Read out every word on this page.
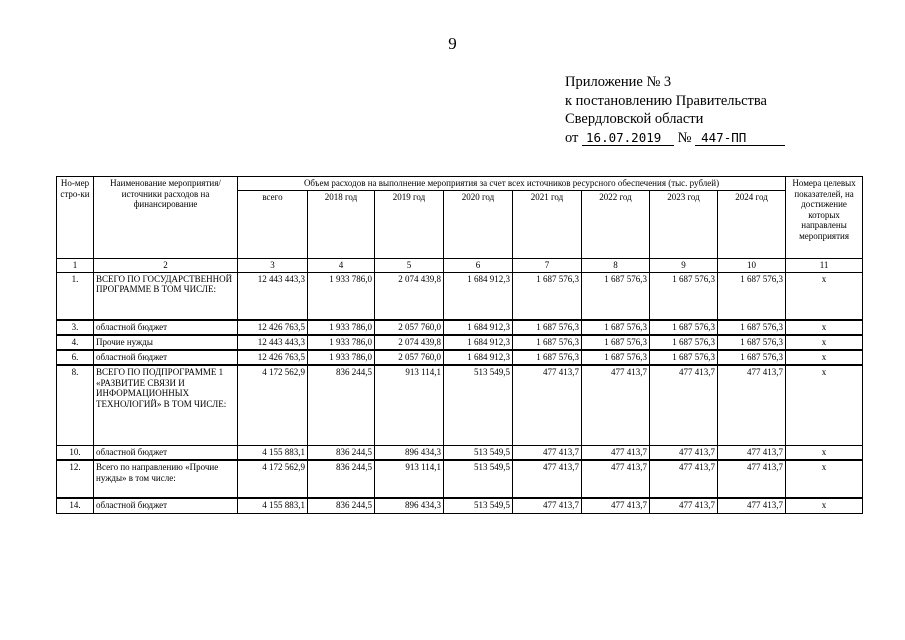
9
Приложение № 3
к постановлению Правительства
Свердловской области
от 16.07.2019 № 447-ПП
Но-мер стро-ки	Наименование мероприятия/ источники расходов на финансирование	Объем расходов на выполнение мероприятия за счет всех источников ресурсного обеспечения (тыс. рублей)								Номера целевых показателей, на достижение которых направлены мероприятия
		всего	2018 год	2019 год	2020 год	2021 год	2022 год	2023 год	2024 год	
1	2	3	4	5	6	7	8	9	10	11
1.	ВСЕГО ПО ГОСУДАРСТВЕННОЙ ПРОГРАММЕ В ТОМ ЧИСЛЕ:	12 443 443,3	1 933 786,0	2 074 439,8	1 684 912,3	1 687 576,3	1 687 576,3	1 687 576,3	1 687 576,3	х
3.	областной бюджет	12 426 763,5	1 933 786,0	2 057 760,0	1 684 912,3	1 687 576,3	1 687 576,3	1 687 576,3	1 687 576,3	х
4.	Прочие нужды	12 443 443,3	1 933 786,0	2 074 439,8	1 684 912,3	1 687 576,3	1 687 576,3	1 687 576,3	1 687 576,3	х
6.	областной бюджет	12 426 763,5	1 933 786,0	2 057 760,0	1 684 912,3	1 687 576,3	1 687 576,3	1 687 576,3	1 687 576,3	х
8.	ВСЕГО ПО ПОДПРОГРАММЕ 1 «РАЗВИТИЕ СВЯЗИ И ИНФОРМАЦИОННЫХ ТЕХНОЛОГИЙ» В ТОМ ЧИСЛЕ:	4 172 562,9	836 244,5	913 114,1	513 549,5	477 413,7	477 413,7	477 413,7	477 413,7	х
10.	областной бюджет	4 155 883,1	836 244,5	896 434,3	513 549,5	477 413,7	477 413,7	477 413,7	477 413,7	х
12.	Всего по направлению «Прочие нужды» в том числе:	4 172 562,9	836 244,5	913 114,1	513 549,5	477 413,7	477 413,7	477 413,7	477 413,7	х
14.	областной бюджет	4 155 883,1	836 244,5	896 434,3	513 549,5	477 413,7	477 413,7	477 413,7	477 413,7	х
